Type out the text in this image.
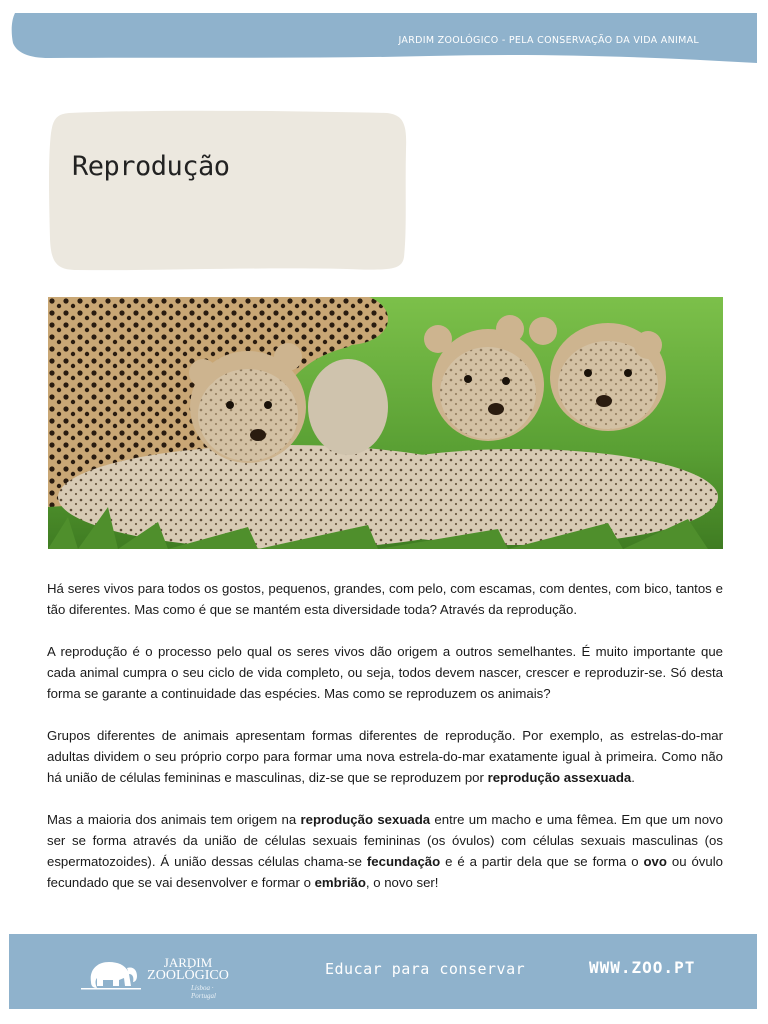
JARDIM ZOOLÓGICO - PELA CONSERVAÇÃO DA VIDA ANIMAL
Reprodução

Há seres vivos para todos os gostos, pequenos, grandes, com pelo, com escamas, com dentes, com bico, tantos e tão diferentes. Mas como é que se mantém esta diversidade toda? Através da reprodução.

A reprodução é o processo pelo qual os seres vivos dão origem a outros semelhantes. É muito importante que cada animal cumpra o seu ciclo de vida completo, ou seja, todos devem nascer, crescer e reproduzir-se. Só desta forma se garante a continuidade das espécies. Mas como se reproduzem os animais?

Grupos diferentes de animais apresentam formas diferentes de reprodução. Por exemplo, as estrelas-do-mar adultas dividem o seu próprio corpo para formar uma nova estrela-do-mar exatamente igual à primeira. Como não há união de células femininas e masculinas, diz-se que se reproduzem por reprodução assexuada.

Mas a maioria dos animais tem origem na reprodução sexuada entre um macho e uma fêmea. Em que um novo ser se forma através da união de células sexuais femininas (os óvulos) com células sexuais masculinas (os espermatozoides). Á união dessas células chama-se fecundação e é a partir dela que se forma o ovo ou óvulo fecundado que se vai desenvolver e formar o embrião, o novo ser!

JARDIM
ZOOLÓGICO
Lisboa · Portugal
Educar para conservar	WWW.ZOO.PT
